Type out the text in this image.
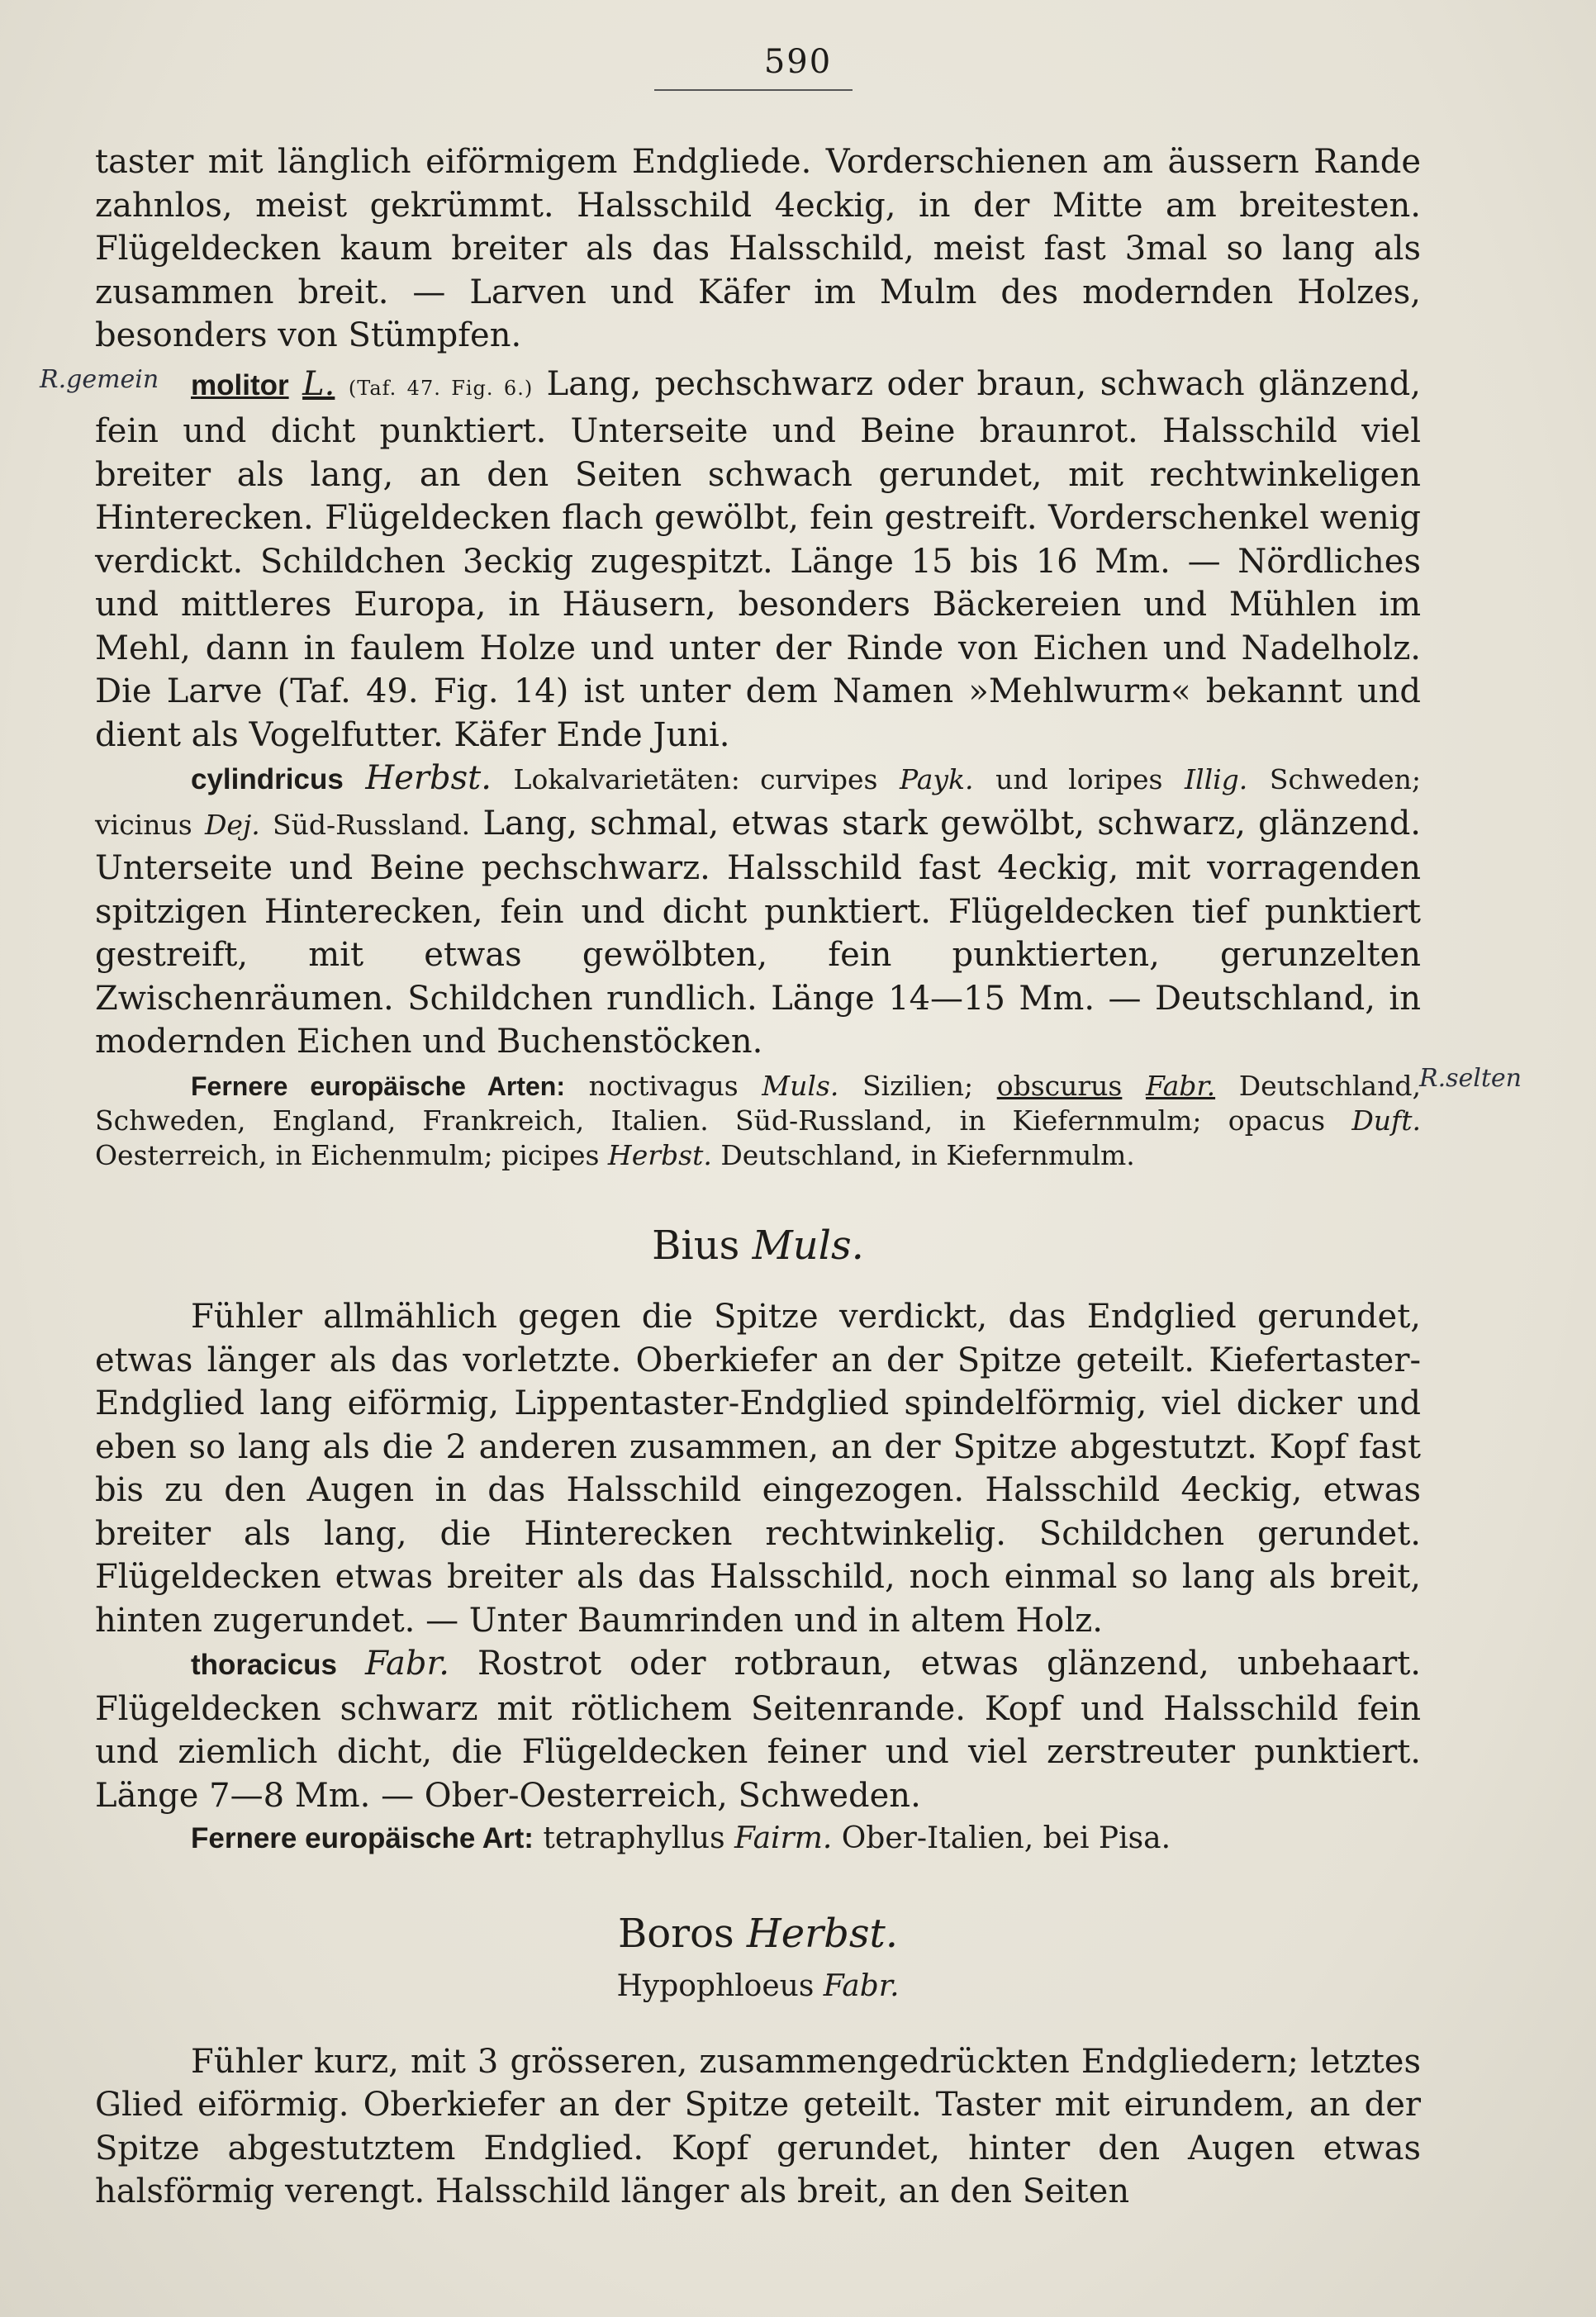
590
R.gemein
R.selten

taster mit länglich eiförmigem Endgliede. Vorderschienen am äussern Rande zahnlos, meist gekrümmt. Halsschild 4eckig, in der Mitte am breitesten. Flügeldecken kaum breiter als das Halsschild, meist fast 3mal so lang als zusammen breit. — Larven und Käfer im Mulm des modernden Holzes, besonders von Stümpfen.

molitor L. (Taf. 47. Fig. 6.) Lang, pechschwarz oder braun, schwach glänzend, fein und dicht punktiert. Unterseite und Beine braunrot. Halsschild viel breiter als lang, an den Seiten schwach gerundet, mit rechtwinkeligen Hinterecken. Flügeldecken flach gewölbt, fein gestreift. Vorderschenkel wenig verdickt. Schildchen 3eckig zugespitzt. Länge 15 bis 16 Mm. — Nördliches und mittleres Europa, in Häusern, besonders Bäckereien und Mühlen im Mehl, dann in faulem Holze und unter der Rinde von Eichen und Nadelholz. Die Larve (Taf. 49. Fig. 14) ist unter dem Namen »Mehlwurm« bekannt und dient als Vogelfutter. Käfer Ende Juni.

cylindricus Herbst. Lokalvarietäten: curvipes Payk. und loripes Illig. Schweden; vicinus Dej. Süd-Russland. Lang, schmal, etwas stark gewölbt, schwarz, glänzend. Unterseite und Beine pechschwarz. Halsschild fast 4eckig, mit vorragenden spitzigen Hinterecken, fein und dicht punktiert. Flügeldecken tief punktiert gestreift, mit etwas gewölbten, fein punktierten, gerunzelten Zwischenräumen. Schildchen rundlich. Länge 14—15 Mm. — Deutschland, in modernden Eichen und Buchenstöcken.

Fernere europäische Arten: noctivagus Muls. Sizilien; obscurus Fabr. Deutschland, Schweden, England, Frankreich, Italien. Süd-Russland, in Kiefernmulm; opacus Duft. Oesterreich, in Eichenmulm; picipes Herbst. Deutschland, in Kiefernmulm.

Bius Muls.

Fühler allmählich gegen die Spitze verdickt, das Endglied gerundet, etwas länger als das vorletzte. Oberkiefer an der Spitze geteilt. Kiefertaster-Endglied lang eiförmig, Lippentaster-Endglied spindelförmig, viel dicker und eben so lang als die 2 anderen zusammen, an der Spitze abgestutzt. Kopf fast bis zu den Augen in das Halsschild eingezogen. Halsschild 4eckig, etwas breiter als lang, die Hinterecken rechtwinkelig. Schildchen gerundet. Flügeldecken etwas breiter als das Halsschild, noch einmal so lang als breit, hinten zugerundet. — Unter Baumrinden und in altem Holz.

thoracicus Fabr. Rostrot oder rotbraun, etwas glänzend, unbehaart. Flügeldecken schwarz mit rötlichem Seitenrande. Kopf und Halsschild fein und ziemlich dicht, die Flügeldecken feiner und viel zerstreuter punktiert. Länge 7—8 Mm. — Ober-Oesterreich, Schweden.

Fernere europäische Art: tetraphyllus Fairm. Ober-Italien, bei Pisa.

Boros Herbst.
Hypophloeus Fabr.

Fühler kurz, mit 3 grösseren, zusammengedrückten Endgliedern; letztes Glied eiförmig. Oberkiefer an der Spitze geteilt. Taster mit eirundem, an der Spitze abgestutztem Endglied. Kopf gerundet, hinter den Augen etwas halsförmig verengt. Halsschild länger als breit, an den Seiten
